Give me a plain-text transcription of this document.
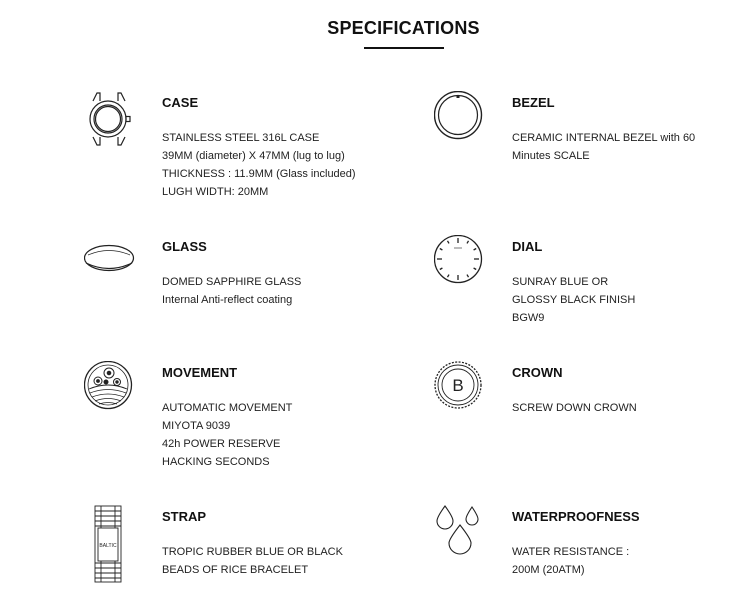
SPECIFICATIONS
CASE
STAINLESS STEEL 316L CASE
39MM (diameter) X 47MM (lug to lug)
THICKNESS : 11.9MM (Glass included)
LUGH WIDTH: 20MM
BEZEL
CERAMIC INTERNAL BEZEL with 60
Minutes SCALE
GLASS
DOMED SAPPHIRE GLASS
Internal Anti-reflect coating
DIAL
SUNRAY BLUE OR
GLOSSY BLACK FINISH
BGW9
MOVEMENT
AUTOMATIC MOVEMENT
MIYOTA 9039
42h POWER RESERVE
HACKING SECONDS
B
CROWN
SCREW DOWN CROWN
BALTIC
STRAP
TROPIC RUBBER BLUE OR BLACK
BEADS OF RICE BRACELET
WATERPROOFNESS
WATER RESISTANCE :
200M (20ATM)
